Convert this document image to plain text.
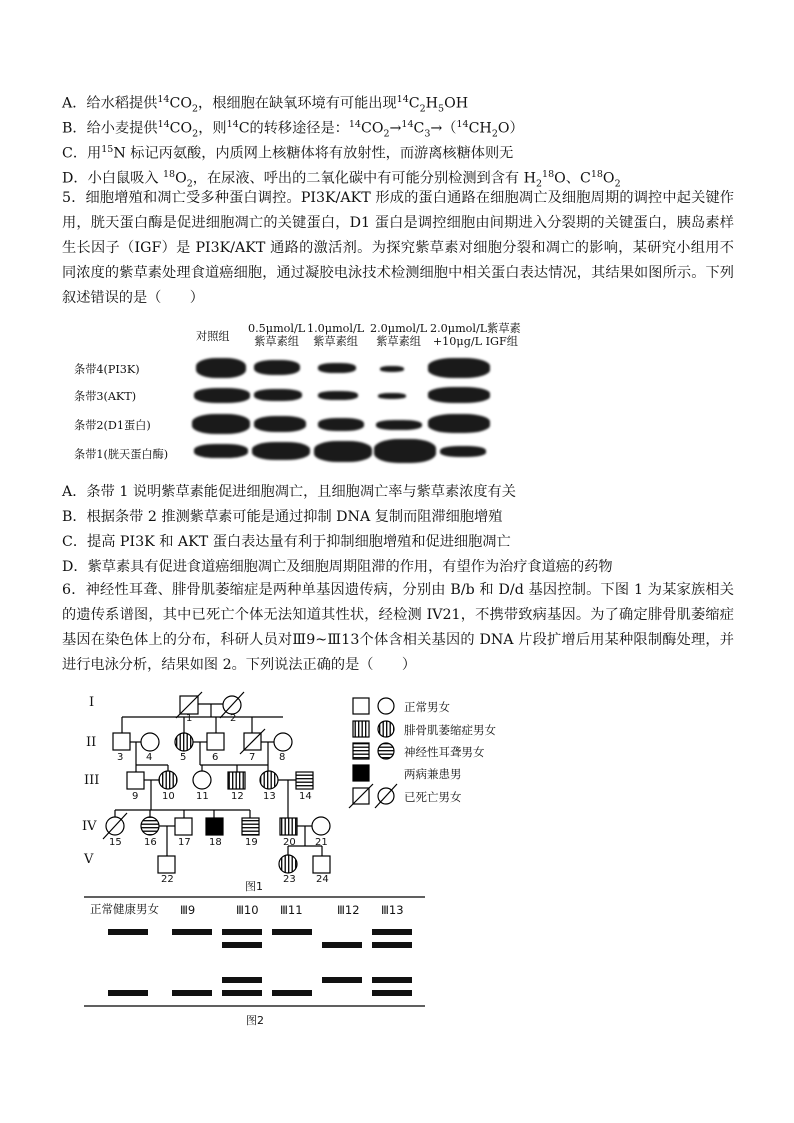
A．给水稻提供$^{14}CO_2$，根细胞在缺氧环境有可能出现$^{14}C_2H_5OH$
B．给小麦提供$^{14}CO_2$，则$^{14}$C的转移途径是：$^{14}CO_2\to^{14}C_3\to(^{14}CH_2O)$
C．用$^{15}$N 标记丙氨酸，内质网上核糖体将有放射性，而游离核糖体则无
D．小白鼠吸入 $^{18}O_2$，在尿液、呼出的二氧化碳中有可能分别检测到含有 $H_2^{18}O$、$C^{18}O_2$
5．细胞增殖和凋亡受多种蛋白调控。PI3K/AKT 形成的蛋白通路在细胞凋亡及细胞周期的调控中起关键作用，胱天蛋白酶是促进细胞凋亡的关键蛋白，D1 蛋白是调控细胞由间期进入分裂期的关键蛋白，胰岛素样生长因子（IGF）是 PI3K/AKT 通路的激活剂。为探究紫草素对细胞分裂和凋亡的影响，某研究小组用不同浓度的紫草素处理食道癌细胞，通过凝胶电泳技术检测细胞中相关蛋白表达情况，其结果如图所示。下列叙述错误的是（　　）
对照组
0.5μmol/L
紫草素组
1.0μmol/L
紫草素组
2.0μmol/L
紫草素组
2.0μmol/L紫草素
+10μg/L IGF组
条带4(PI3K)
条带3(AKT)
条带2(D1蛋白)
条带1(胱天蛋白酶)
A．条带 1 说明紫草素能促进细胞凋亡，且细胞凋亡率与紫草素浓度有关
B．根据条带 2 推测紫草素可能是通过抑制 DNA 复制而阻滞细胞增殖
C．提高 PI3K 和 AKT 蛋白表达量有利于抑制细胞增殖和促进细胞凋亡
D．紫草素具有促进食道癌细胞凋亡及细胞周期阻滞的作用，有望作为治疗食道癌的药物
6．神经性耳聋、腓骨肌萎缩症是两种单基因遗传病，分别由 B/b 和 D/d 基因控制。下图 1 为某家族相关的遗传系谱图，其中已死亡个体无法知道其性状，经检测 IV21，不携带致病基因。为了确定腓骨肌萎缩症基因在染色体上的分布，科研人员对Ⅲ9~Ⅲ13个体含相关基因的 DNA 片段扩增后用某种限制酶处理，并进行电泳分析，结果如图 2。下列说法正确的是（　　）
I
II
III
IV
V
1	2
3 4	5	6	7 8
9 10 11 12 13 14
15 16 17 18 19	20 21
22	23 24
正常男女
腓骨肌萎缩症男女
神经性耳聋男女
两病兼患男
已死亡男女
图1
正常健康男女 Ⅲ9	Ⅲ10 Ⅲ11	Ⅲ12 Ⅲ13
图2
